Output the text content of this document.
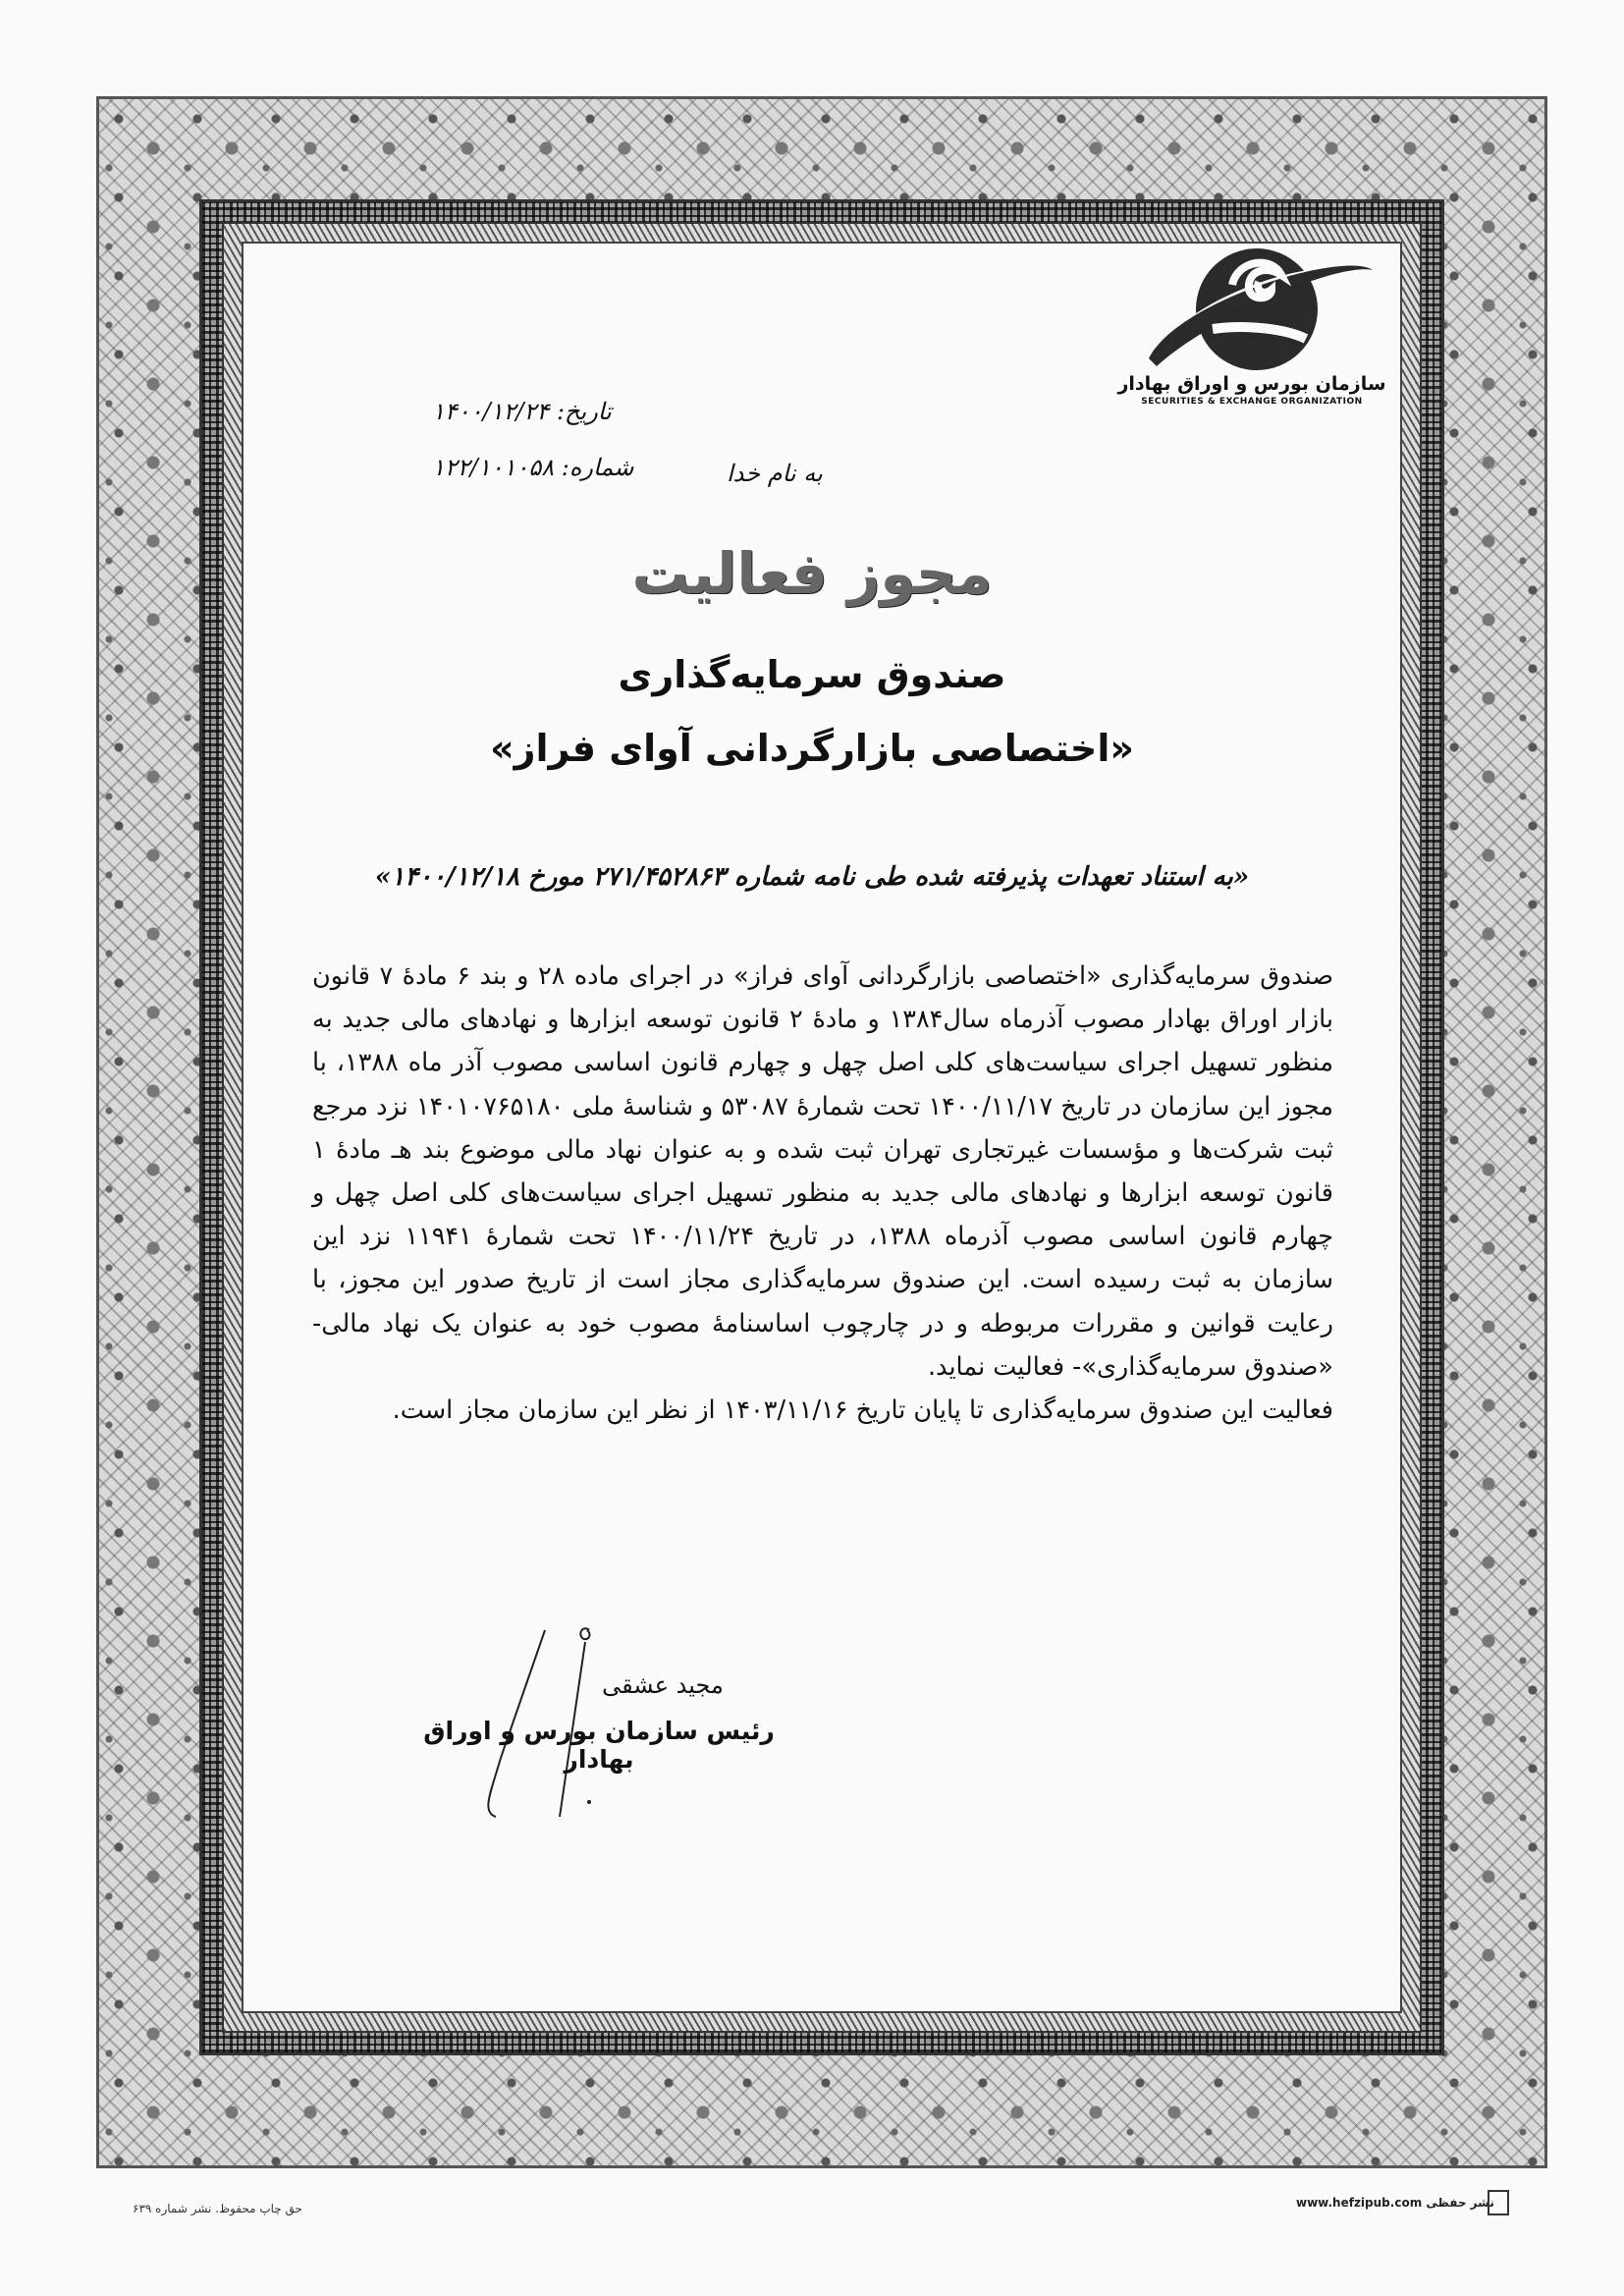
سازمان بورس و اوراق بهادار
SECURITIES & EXCHANGE ORGANIZATION
تاریخ: ۱۴۰۰/۱۲/۲۴
شماره: ۱۲۲/۱۰۱۰۵۸	به نام خدا
مجوز فعالیت
صندوق سرمایه‌گذاری
«اختصاصی بازارگردانی آوای فراز»
«به استناد تعهدات پذیرفته شده طی نامه شماره ۲۷۱/۴۵۲۸۶۳ مورخ ۱۴۰۰/۱۲/۱۸»

صندوق سرمایه‌گذاری «اختصاصی بازارگردانی آوای فراز» در اجرای ماده ۲۸ و بند ۶ مادۀ ۷ قانون بازار اوراق بهادار مصوب آذرماه سال۱۳۸۴ و مادۀ ۲ قانون توسعه ابزارها و نهادهای مالی جدید به منظور تسهیل اجرای سیاست‌های کلی اصل چهل و چهارم قانون اساسی مصوب آذر ماه ۱۳۸۸، با مجوز این سازمان در تاریخ ۱۴۰۰/۱۱/۱۷ تحت شمارۀ ۵۳۰۸۷ و شناسۀ ملی ۱۴۰۱۰۷۶۵۱۸۰ نزد مرجع ثبت شرکت‌ها و مؤسسات غیرتجاری تهران ثبت شده و به عنوان نهاد مالی موضوع بند هـ مادۀ ۱ قانون توسعه ابزارها و نهادهای مالی جدید به منظور تسهیل اجرای سیاست‌های کلی اصل چهل و چهارم قانون اساسی مصوب آذرماه ۱۳۸۸، در تاریخ ۱۴۰۰/۱۱/۲۴ تحت شمارۀ ۱۱۹۴۱ نزد این سازمان به ثبت رسیده است. این صندوق سرمایه‌گذاری مجاز است از تاریخ صدور این مجوز، با رعایت قوانین و مقررات مربوطه و در چارچوب اساسنامۀ مصوب خود به عنوان یک نهاد مالی- «صندوق سرمایه‌گذاری»- فعالیت نماید.

فعالیت این صندوق سرمایه‌گذاری تا پایان تاریخ ۱۴۰۳/۱۱/۱۶ از نظر این سازمان مجاز است.

مجید عشقی
رئیس سازمان بورس و اوراق بهادار
حق چاپ محفوظ. نشر شماره ۶۳۹	www.hefzipub.com نشر حفظی
